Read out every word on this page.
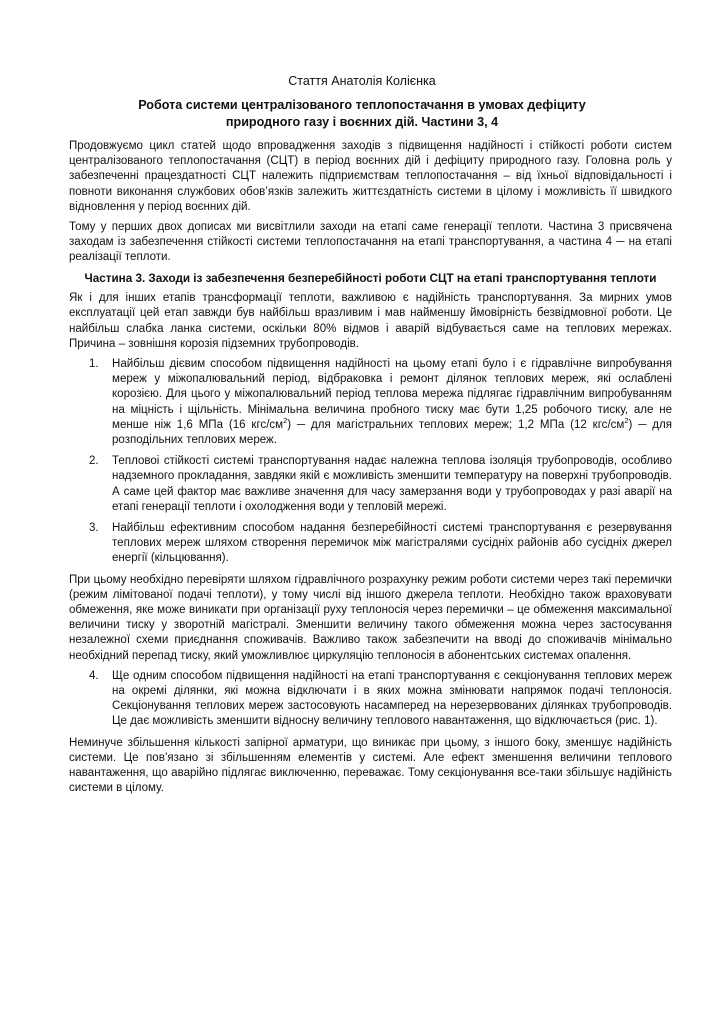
Стаття Анатолія Колієнка
Робота системи централізованого теплопостачання в умовах дефіциту природного газу і воєнних дій. Частини 3, 4

Продовжуємо цикл статей щодо впровадження заходів з підвищення надійності і стійкості роботи систем централізованого теплопостачання (СЦТ) в період воєнних дій і дефіциту природного газу. Головна роль у забезпеченні працездатності СЦТ належить підприємствам теплопостачання – від їхньої відповідальності і повноти виконання службових обов’язків залежить життєздатність системи в цілому і можливість її швидкого відновлення у період воєнних дій.

Тому у перших двох дописах ми висвітлили заходи на етапі саме генерації теплоти. Частина 3 присвячена заходам із забезпечення стійкості системи теплопостачання на етапі транспортування, а частина 4 ─ на етапі реалізації теплоти.

Частина 3. Заходи із забезпечення безперебійності роботи СЦТ на етапі транспортування теплоти

Як і для інших етапів трансформації теплоти, важливою є надійність транспортування. За мирних умов експлуатації цей етап завжди був найбільш вразливим і мав найменшу ймовірність безвідмовної роботи. Це найбільш слабка ланка системи, оскільки 80% відмов і аварій відбувається саме на теплових мережах. Причина – зовнішня корозія підземних трубопроводів.

1.	Найбільш дієвим способом підвищення надійності на цьому етапі було і є гідравлічне випробування мереж у міжопалювальний період, відбраковка і ремонт ділянок теплових мереж, які ослаблені корозією. Для цього у міжопалювальний період теплова мережа підлягає гідравлічним випробуванням на міцність і щільність. Мінімальна величина пробного тиску має бути 1,25 робочого тиску, але не менше ніж 1,6 МПа (16 кгс/$см^2$) ─ для магістральних теплових мереж; 1,2 МПа (12 кгс/$см^2$) ─ для розподільних теплових мереж.
2.	Тепловоі стійкості системі транспортування надає належна теплова ізоляція трубопроводів, особливо надземного прокладання, завдяки якій є можливість зменшити температуру на поверхні трубопроводів. А саме цей фактор має важливе значення для часу замерзання води у трубопроводах у разі аварії на етапі генерації теплоти і охолодження води у тепловій мережі.
3.	Найбільш ефективним способом надання безперебійності системі транспортування є резервування теплових мереж шляхом створення перемичок між магістралями сусідніх районів або сусідніх джерел енергії (кільцювання).

При цьому необхідно перевіряти шляхом гідравлічного розрахунку режим роботи системи через такі перемички (режим лімітованої подачі теплоти), у тому числі від іншого джерела теплоти. Необхідно також враховувати обмеження, яке може виникати при організації руху теплоносія через перемички – це обмеження максимальної величини тиску у зворотній магістралі. Зменшити величину такого обмеження можна через застосування незалежної схеми приєднання споживачів. Важливо також забезпечити на вводі до споживачів мінімально необхідний перепад тиску, який уможливлює циркуляцію теплоносія в абонентських системах опалення.

4.	Ще одним способом підвищення надійності на етапі транспортування є секціонування теплових мереж на окремі ділянки, які можна відключати і в яких можна змінювати напрямок подачі теплоносія. Секціонування теплових мереж застосовують насамперед на нерезервованих ділянках трубопроводів. Це дає можливість зменшити відносну величину теплового навантаження, що відключається (рис. 1).

Неминуче збільшення кількості запірної арматури, що виникає при цьому, з іншого боку, зменшує надійність системи. Це пов’язано зі збільшенням елементів у системі. Але ефект зменшення величини теплового навантаження, що аварійно підлягає виключенню, переважає. Тому секціонування все-таки збільшує надійність системи в цілому.
